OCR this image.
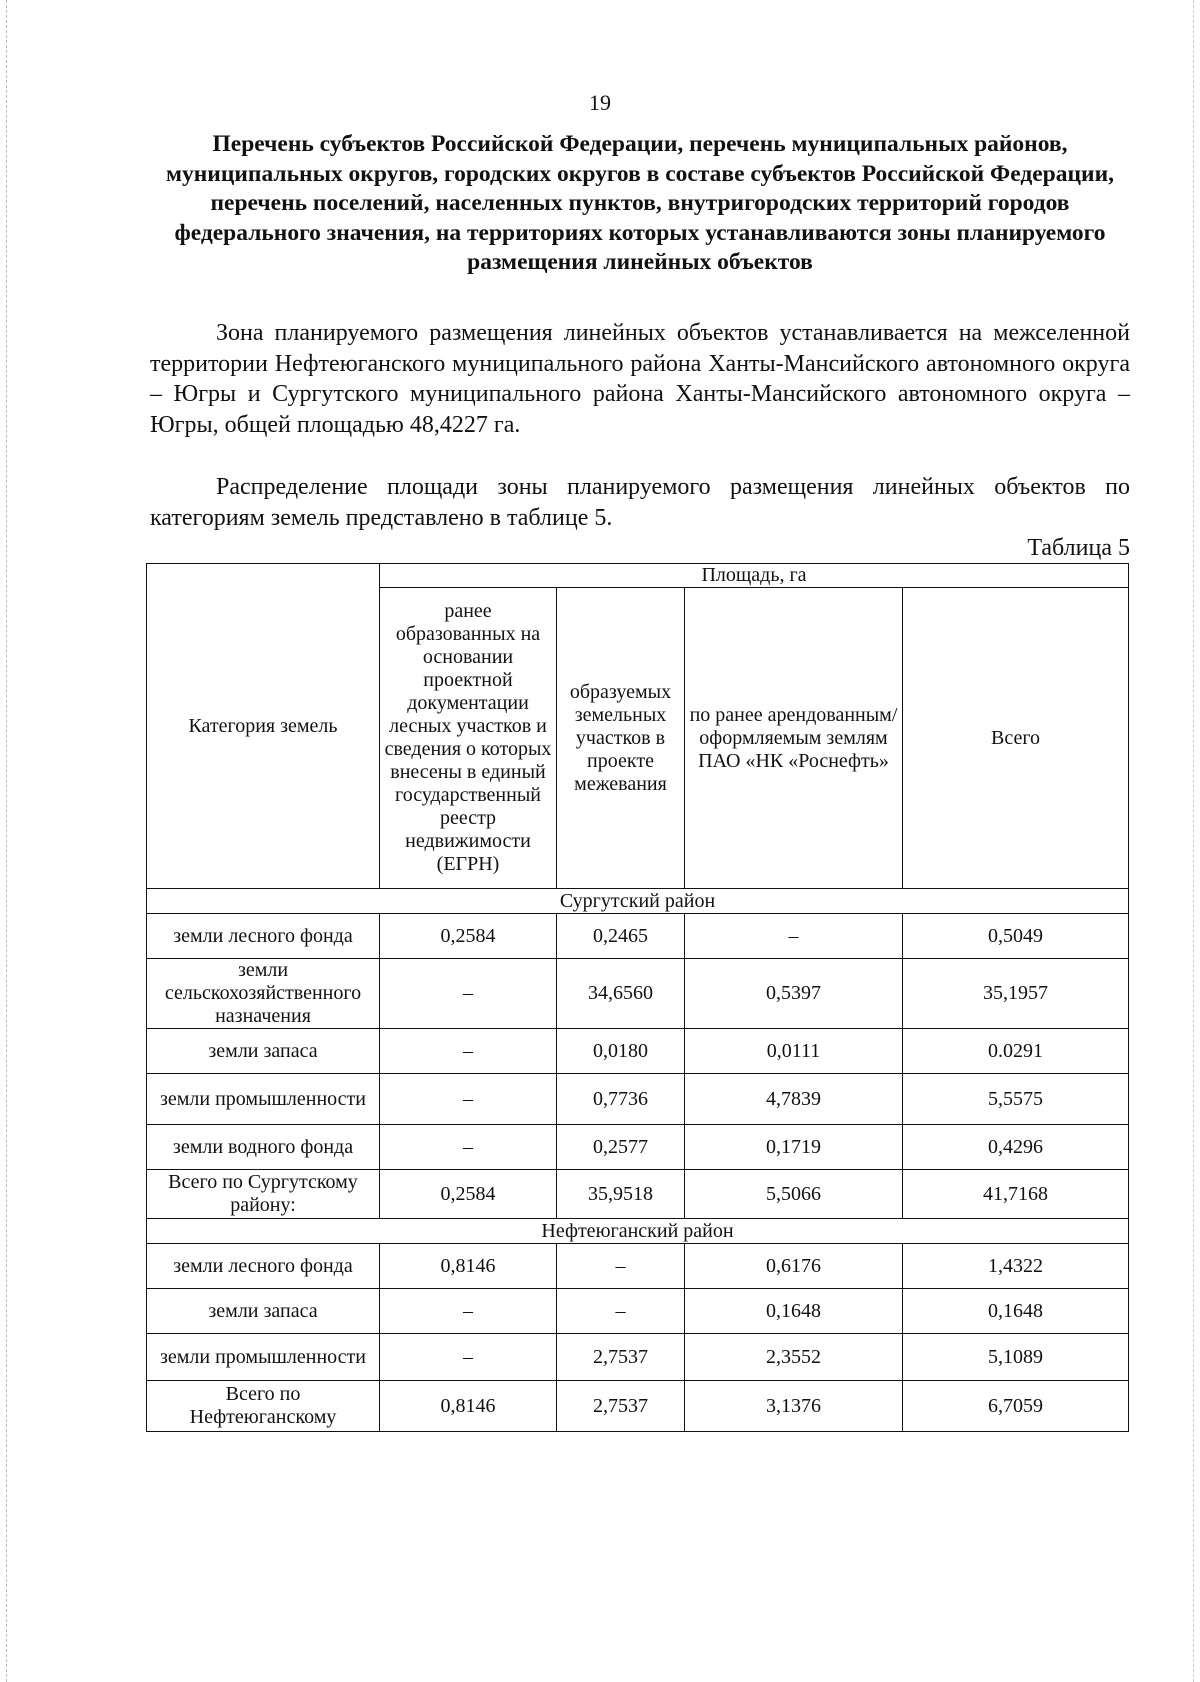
19
Перечень субъектов Российской Федерации, перечень муниципальных районов, муниципальных округов, городских округов в составе субъектов Российской Федерации, перечень поселений, населенных пунктов, внутригородских территорий городов федерального значения, на территориях которых устанавливаются зоны планируемого размещения линейных объектов
Зона планируемого размещения линейных объектов устанавливается на межселенной территории Нефтеюганского муниципального района Ханты-Мансийского автономного округа – Югры и Сургутского муниципального района Ханты-Мансийского автономного округа – Югры, общей площадью 48,4227 га.
Распределение площади зоны планируемого размещения линейных объектов по категориям земель представлено в таблице 5.
Таблица 5
Категория земель	Площадь, га			
	ранее образованных на основании проектной документации лесных участков и сведения о которых внесены в единый государственный реестр недвижимости (ЕГРН)	образуемых земельных участков в проекте межевания	по ранее арендованным/ оформляемым землям ПАО «НК «Роснефть»	Всего
Сургутский район				
земли лесного фонда	0,2584	0,2465	–	0,5049
земли сельскохозяйственного назначения	–	34,6560	0,5397	35,1957
земли запаса	–	0,0180	0,0111	0.0291
земли промышленности	–	0,7736	4,7839	5,5575
земли водного фонда	–	0,2577	0,1719	0,4296
Всего по Сургутскому району:	0,2584	35,9518	5,5066	41,7168
Нефтеюганский район				
земли лесного фонда	0,8146	–	0,6176	1,4322
земли запаса	–	–	0,1648	0,1648
земли промышленности	–	2,7537	2,3552	5,1089
Всего по Нефтеюганскому	0,8146	2,7537	3,1376	6,7059
